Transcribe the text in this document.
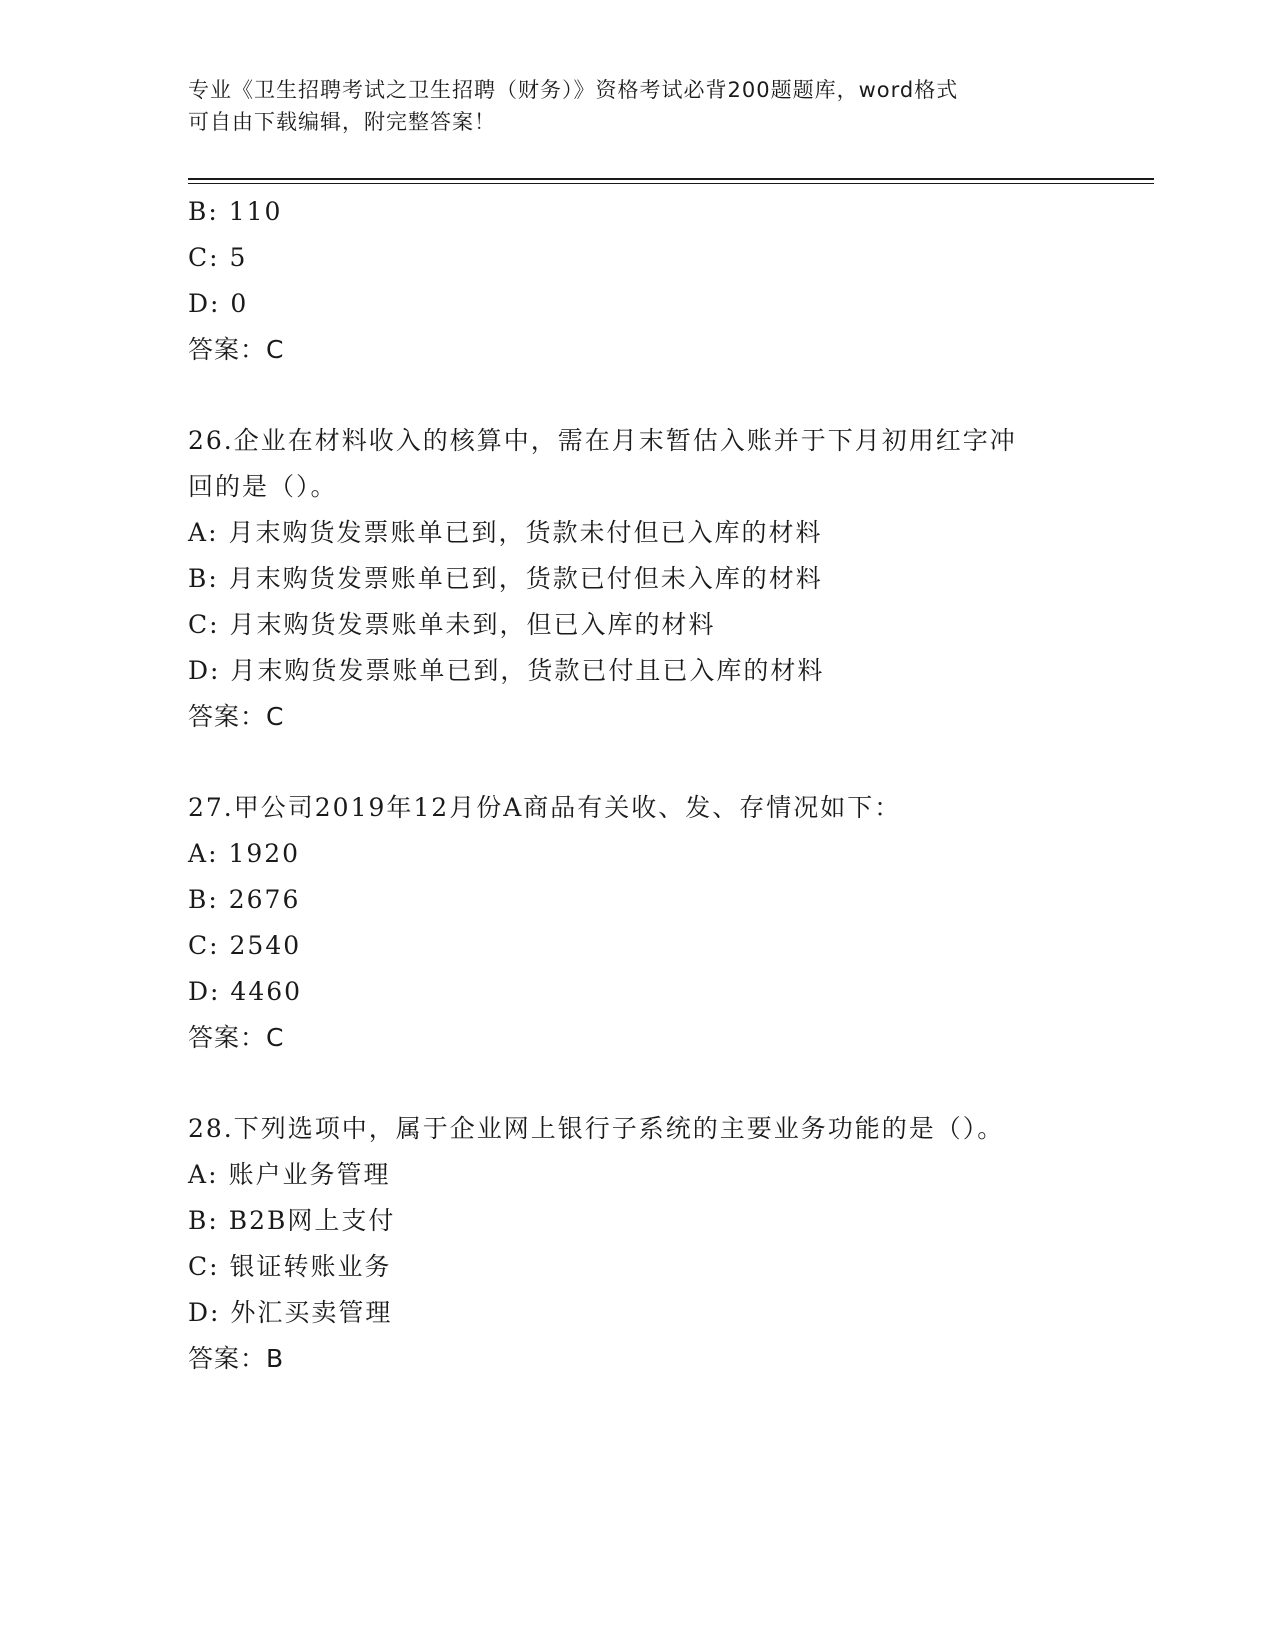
专业《卫生招聘考试之卫生招聘（财务）》资格考试必背200题题库，word格式
可自由下载编辑，附完整答案！
B: 110
C: 5
D: 0
答案：C
26.企业在材料收入的核算中，需在月末暂估入账并于下月初用红字冲
回的是（）。
A: 月末购货发票账单已到，货款未付但已入库的材料
B: 月末购货发票账单已到，货款已付但未入库的材料
C: 月末购货发票账单未到，但已入库的材料
D: 月末购货发票账单已到，货款已付且已入库的材料
答案：C
27.甲公司2019年12月份A商品有关收、发、存情况如下：
A: 1920
B: 2676
C: 2540
D: 4460
答案：C
28.下列选项中，属于企业网上银行子系统的主要业务功能的是（）。
A: 账户业务管理
B: B2B网上支付
C: 银证转账业务
D: 外汇买卖管理
答案：B
